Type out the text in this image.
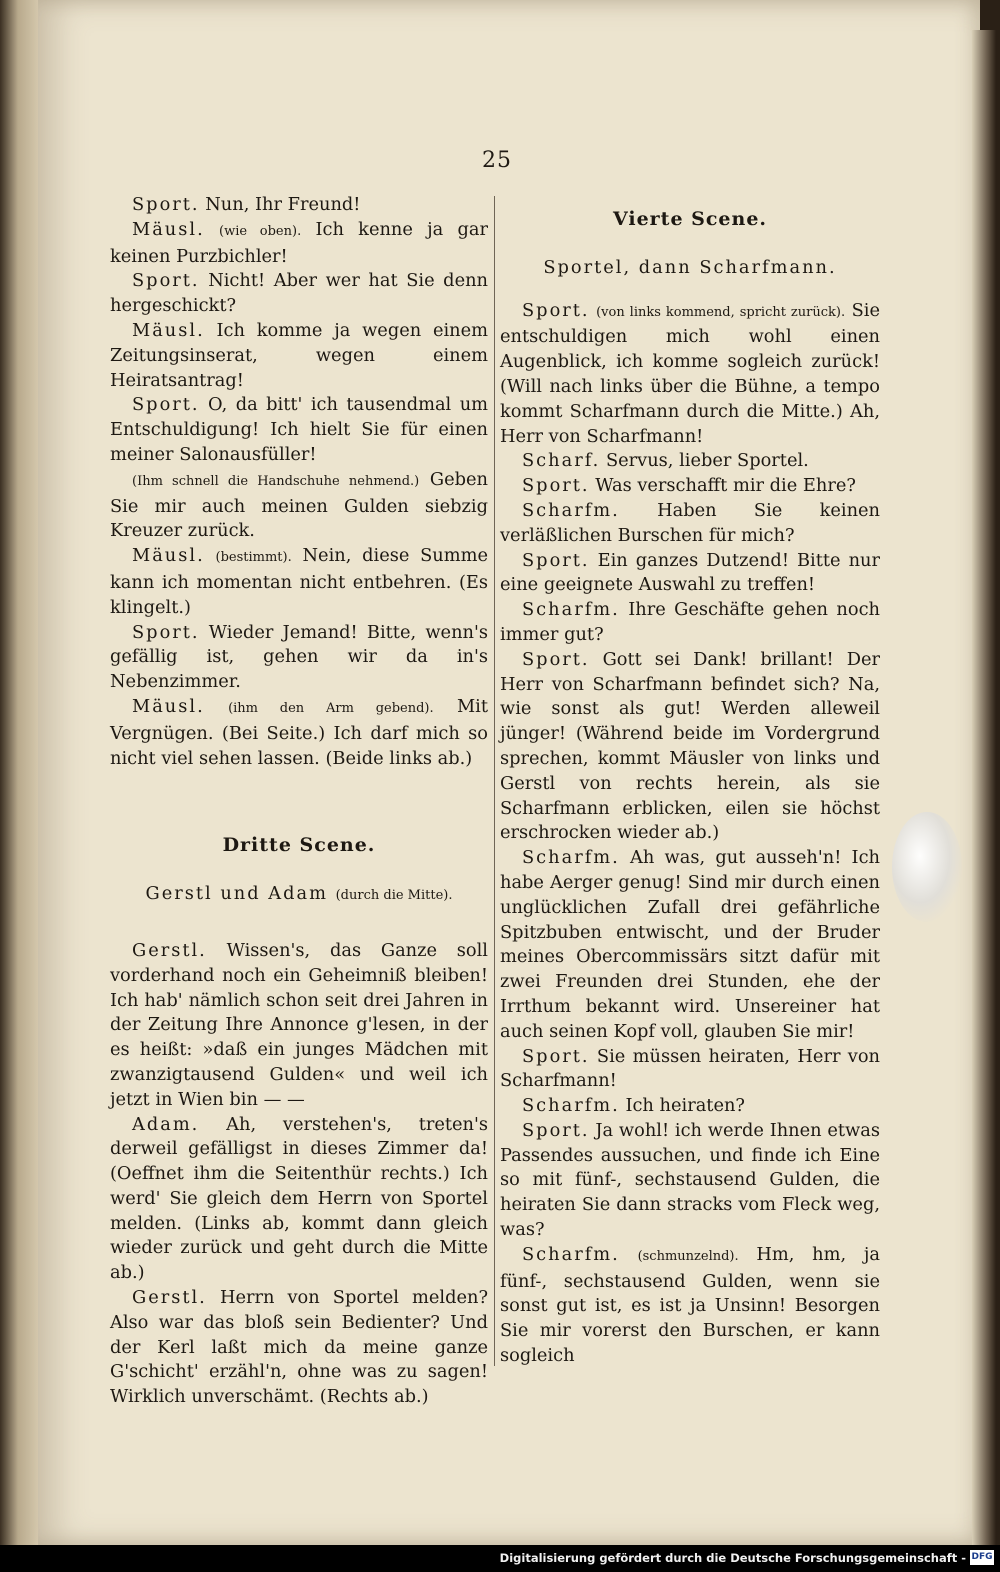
25

Sport. Nun, Ihr Freund!

Mäusl. (wie oben). Ich kenne ja gar keinen Purzbichler!

Sport. Nicht! Aber wer hat Sie denn hergeschickt?

Mäusl. Ich komme ja wegen einem Zeitungsinserat, wegen einem Heiratsantrag!

Sport. O, da bitt' ich tausendmal um Entschuldigung! Ich hielt Sie für einen meiner Salonausfüller!

(Ihm schnell die Handschuhe nehmend.) Geben Sie mir auch meinen Gulden siebzig Kreuzer zurück.

Mäusl. (bestimmt). Nein, diese Summe kann ich momentan nicht entbehren. (Es klingelt.)

Sport. Wieder Jemand! Bitte, wenn's gefällig ist, gehen wir da in's Nebenzimmer.

Mäusl. (ihm den Arm gebend). Mit Vergnügen. (Bei Seite.) Ich darf mich so nicht viel sehen lassen. (Beide links ab.)

Dritte Scene.

Gerstl und Adam (durch die Mitte).

Gerstl. Wissen's, das Ganze soll vorderhand noch ein Geheimniß bleiben! Ich hab' nämlich schon seit drei Jahren in der Zeitung Ihre Annonce g'lesen, in der es heißt: »daß ein junges Mädchen mit zwanzigtausend Gulden« und weil ich jetzt in Wien bin — —

Adam. Ah, verstehen's, treten's derweil gefälligst in dieses Zimmer da! (Oeffnet ihm die Seitenthür rechts.) Ich werd' Sie gleich dem Herrn von Sportel melden. (Links ab, kommt dann gleich wieder zurück und geht durch die Mitte ab.)

Gerstl. Herrn von Sportel melden? Also war das bloß sein Bedienter? Und der Kerl laßt mich da meine ganze G'schicht' erzähl'n, ohne was zu sagen! Wirklich unverschämt. (Rechts ab.)

Vierte Scene.

Sportel, dann Scharfmann.

Sport. (von links kommend, spricht zurück). Sie entschuldigen mich wohl einen Augenblick, ich komme sogleich zurück! (Will nach links über die Bühne, a tempo kommt Scharfmann durch die Mitte.) Ah, Herr von Scharfmann!

Scharf. Servus, lieber Sportel.

Sport. Was verschafft mir die Ehre?

Scharfm. Haben Sie keinen verläßlichen Burschen für mich?

Sport. Ein ganzes Dutzend! Bitte nur eine geeignete Auswahl zu treffen!

Scharfm. Ihre Geschäfte gehen noch immer gut?

Sport. Gott sei Dank! brillant! Der Herr von Scharfmann befindet sich? Na, wie sonst als gut! Werden alleweil jünger! (Während beide im Vordergrund sprechen, kommt Mäusler von links und Gerstl von rechts herein, als sie Scharfmann erblicken, eilen sie höchst erschrocken wieder ab.)

Scharfm. Ah was, gut ausseh'n! Ich habe Aerger genug! Sind mir durch einen unglücklichen Zufall drei gefährliche Spitzbuben entwischt, und der Bruder meines Obercommissärs sitzt dafür mit zwei Freunden drei Stunden, ehe der Irrthum bekannt wird. Unsereiner hat auch seinen Kopf voll, glauben Sie mir!

Sport. Sie müssen heiraten, Herr von Scharfmann!

Scharfm. Ich heiraten?

Sport. Ja wohl! ich werde Ihnen etwas Passendes aussuchen, und finde ich Eine so mit fünf-, sechstausend Gulden, die heiraten Sie dann stracks vom Fleck weg, was?

Scharfm. (schmunzelnd). Hm, hm, ja fünf-, sechstausend Gulden, wenn sie sonst gut ist, es ist ja Unsinn! Besorgen Sie mir vorerst den Burschen, er kann sogleich

Digitalisierung gefördert durch die Deutsche Forschungsgemeinschaft - DFG
